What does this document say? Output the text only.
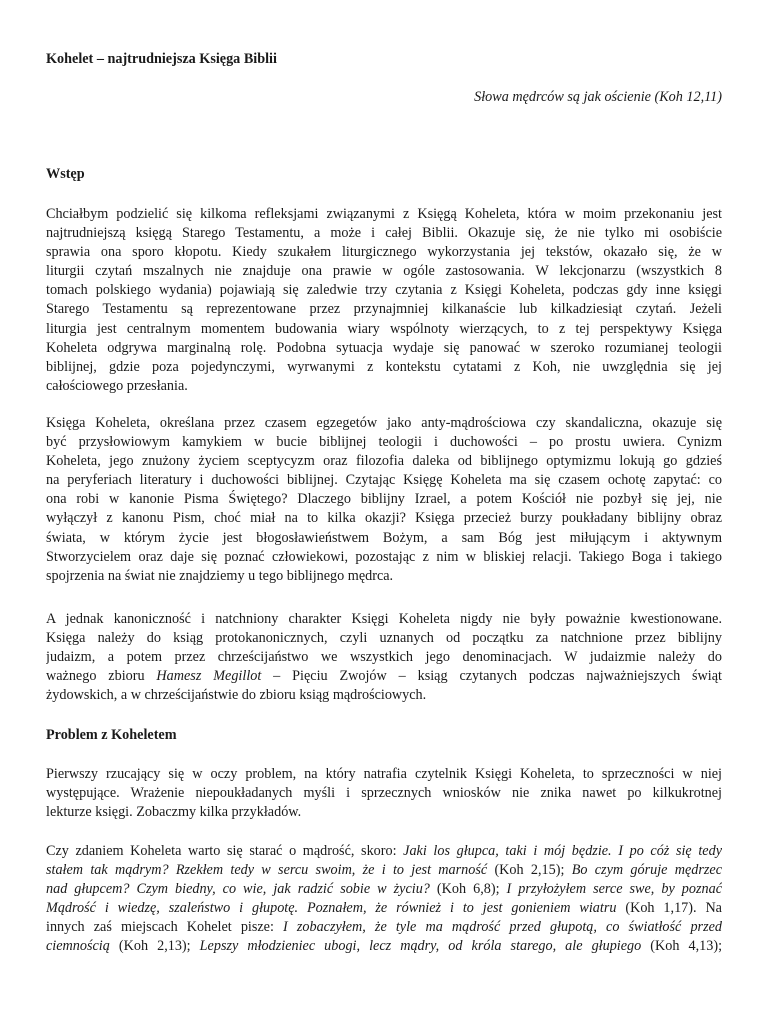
Kohelet – najtrudniejsza Księga Biblii
Słowa mędrców są jak ościenie (Koh 12,11)
Wstęp
Chciałbym podzielić się kilkoma refleksjami związanymi z Księgą Koheleta, która w moim przekonaniu jest
najtrudniejszą księgą Starego Testamentu, a może i całej Biblii. Okazuje się, że nie tylko mi osobiście
sprawia ona sporo kłopotu. Kiedy szukałem liturgicznego wykorzystania jej tekstów, okazało się, że w
liturgii czytań mszalnych nie znajduje ona prawie w ogóle zastosowania. W lekcjonarzu (wszystkich 8
tomach polskiego wydania) pojawiają się zaledwie trzy czytania z Księgi Koheleta, podczas gdy inne księgi
Starego Testamentu są reprezentowane przez przynajmniej kilkanaście lub kilkadziesiąt czytań. Jeżeli
liturgia jest centralnym momentem budowania wiary wspólnoty wierzących, to z tej perspektywy Księga
Koheleta odgrywa marginalną rolę. Podobna sytuacja wydaje się panować w szeroko rozumianej teologii
biblijnej, gdzie poza pojedynczymi, wyrwanymi z kontekstu cytatami z Koh, nie uwzględnia się jej
całościowego przesłania.
Księga Koheleta, określana przez czasem egzegetów jako anty-mądrościowa czy skandaliczna, okazuje się
być przysłowiowym kamykiem w bucie biblijnej teologii i duchowości – po prostu uwiera. Cynizm
Koheleta, jego znużony życiem sceptycyzm oraz filozofia daleka od biblijnego optymizmu lokują go gdzieś
na peryferiach literatury i duchowości biblijnej. Czytając Księgę Koheleta ma się czasem ochotę zapytać: co
ona robi w kanonie Pisma Świętego? Dlaczego biblijny Izrael, a potem Kościół nie pozbył się jej, nie
wyłączył z kanonu Pism, choć miał na to kilka okazji? Księga przecież burzy poukładany biblijny obraz
świata, w którym życie jest błogosławieństwem Bożym, a sam Bóg jest miłującym i aktywnym
Stworzycielem oraz daje się poznać człowiekowi, pozostając z nim w bliskiej relacji. Takiego Boga i takiego
spojrzenia na świat nie znajdziemy u tego biblijnego mędrca.
A jednak kanoniczność i natchniony charakter Księgi Koheleta nigdy nie były poważnie kwestionowane.
Księga należy do ksiąg protokanonicznych, czyli uznanych od początku za natchnione przez biblijny
judaizm, a potem przez chrześcijaństwo we wszystkich jego denominacjach. W judaizmie należy do
ważnego zbioru Hamesz Megillot – Pięciu Zwojów – ksiąg czytanych podczas najważniejszych świąt
żydowskich, a w chrześcijaństwie do zbioru ksiąg mądrościowych.
Problem z Koheletem
Pierwszy rzucający się w oczy problem, na który natrafia czytelnik Księgi Koheleta, to sprzeczności w niej
występujące. Wrażenie niepoukładanych myśli i sprzecznych wniosków nie znika nawet po kilkukrotnej
lekturze księgi. Zobaczmy kilka przykładów.
Czy zdaniem Koheleta warto się starać o mądrość, skoro: Jaki los głupca, taki i mój będzie. I po cóż się tedy
stałem tak mądrym? Rzekłem tedy w sercu swoim, że i to jest marność (Koh 2,15); Bo czym góruje mędrzec
nad głupcem? Czym biedny, co wie, jak radzić sobie w życiu? (Koh 6,8); I przyłożyłem serce swe, by poznać
Mądrość i wiedzę, szaleństwo i głupotę. Poznałem, że również i to jest gonieniem wiatru (Koh 1,17). Na
innych zaś miejscach Kohelet pisze: I zobaczyłem, że tyle ma mądrość przed głupotą, co światłość przed
ciemnością (Koh 2,13); Lepszy młodzieniec ubogi, lecz mądry, od króla starego, ale głupiego (Koh 4,13);
